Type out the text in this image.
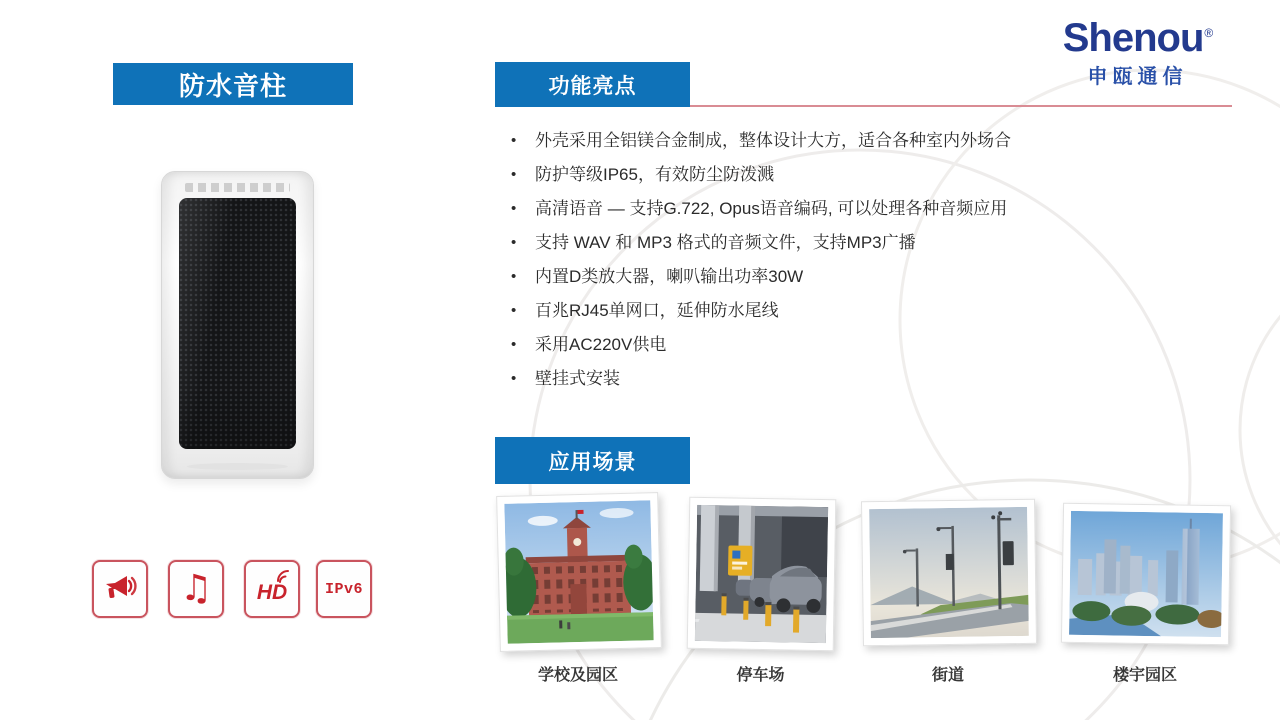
防水音柱
Shenou®
申瓯通信
功能亮点
• 外壳采用全铝镁合金制成，整体设计大方，适合各种室内外场合
• 防护等级IP65，有效防尘防泼溅
• 高清语音 — 支持G.722, Opus语音编码, 可以处理各种音频应用
• 支持 WAV 和 MP3 格式的音频文件，支持MP3广播
• 内置D类放大器，喇叭输出功率30W
• 百兆RJ45单网口，延伸防水尾线
• 采用AC220V供电
• 壁挂式安装
♫ HD	IPv6
应用场景
学校及园区	停车场	街道	楼宇园区
